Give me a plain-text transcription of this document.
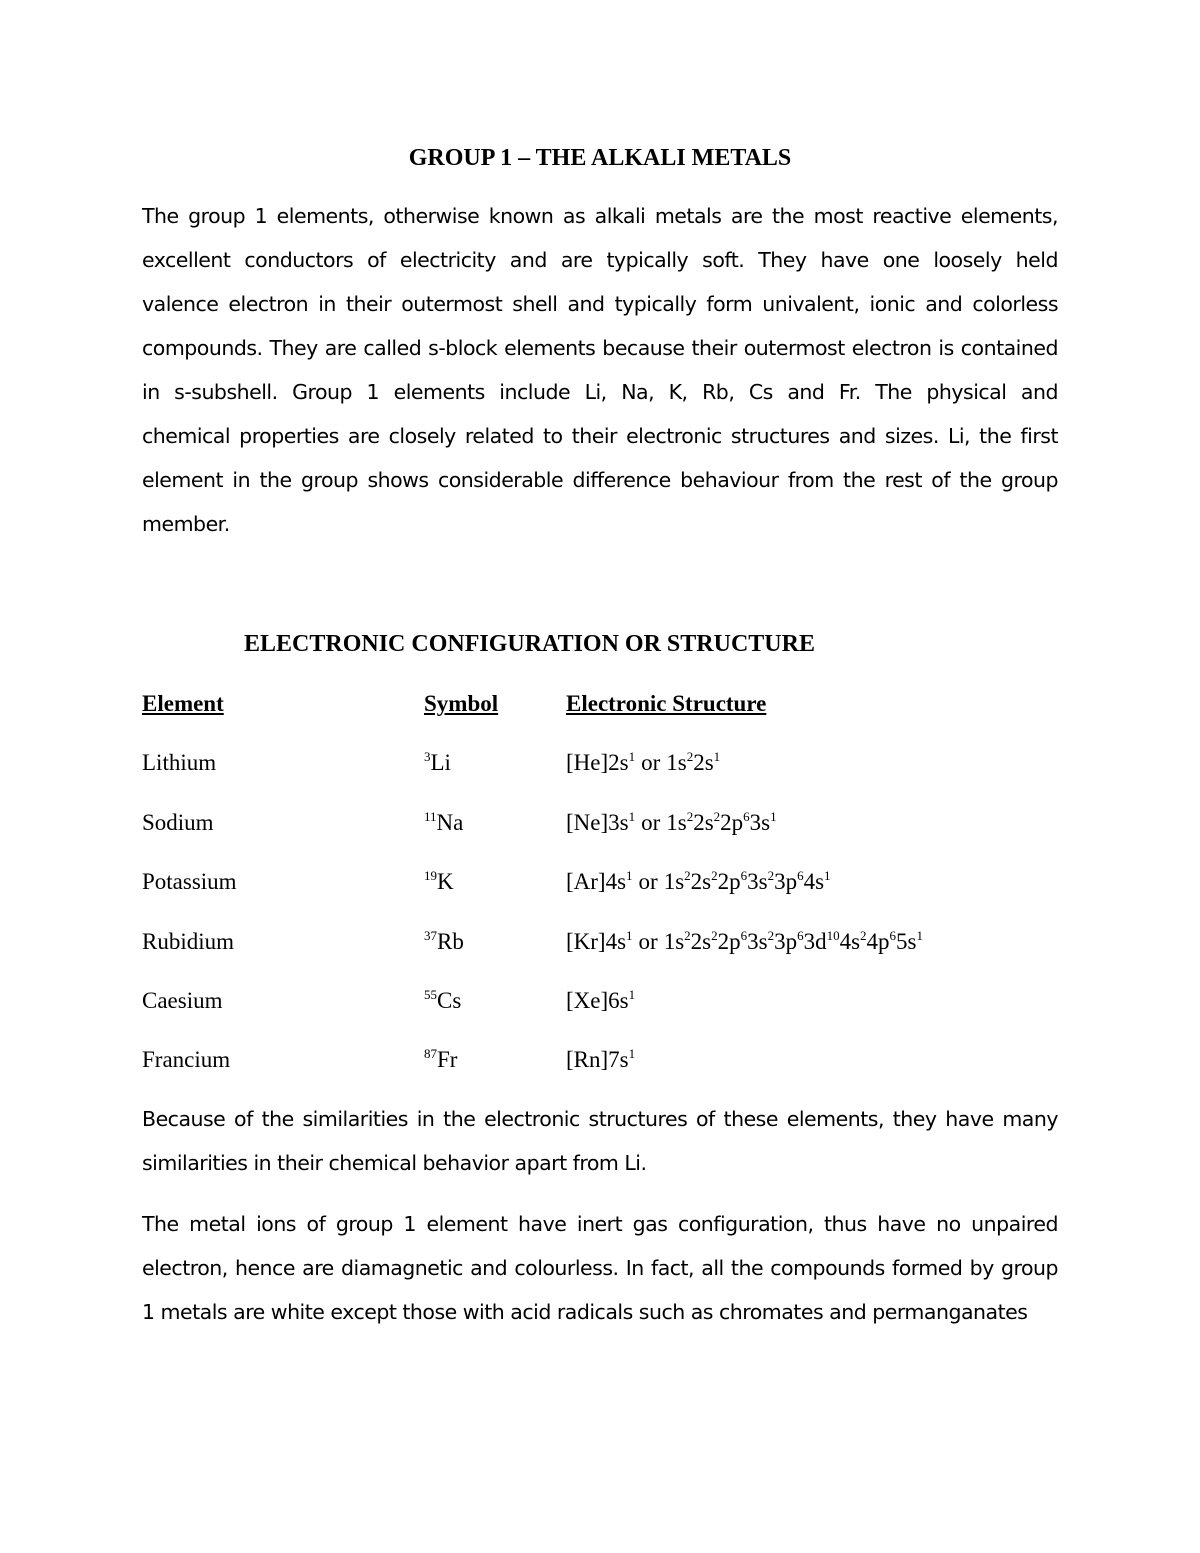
GROUP 1 – THE ALKALI METALS

The group 1 elements, otherwise known as alkali metals are the most reactive elements,
excellent conductors of electricity and are typically soft. They have one loosely held
valence electron in their outermost shell and typically form univalent, ionic and colorless
compounds. They are called s-block elements because their outermost electron is contained
in s-subshell. Group 1 elements include Li, Na, K, Rb, Cs and Fr. The physical and
chemical properties are closely related to their electronic structures and sizes. Li, the first
element in the group shows considerable difference behaviour from the rest of the group
member.

ELECTRONIC CONFIGURATION OR STRUCTURE
Element	Symbol	Electronic Structure
Lithium	$^3$Li	$[He]2s^1$ or $1s^22s^1$
Sodium	$^{11}$Na	$[Ne]3s^1$ or $1s^22s^22p^63s^1$
Potassium	$^{19}$K	$[Ar]4s^1$ or $1s^22s^22p^63s^23p^64s^1$
Rubidium	$^{37}$Rb	$[Kr]4s^1$ or $1s^22s^22p^63s^23p^63d^{10}4s^24p^65s^1$
Caesium	$^{55}$Cs	$[Xe]6s^1$
Francium	$^{87}$Fr	$[Rn]7s^1$

Because of the similarities in the electronic structures of these elements, they have many
similarities in their chemical behavior apart from Li.

The metal ions of group 1 element have inert gas configuration, thus have no unpaired
electron, hence are diamagnetic and colourless. In fact, all the compounds formed by group
1 metals are white except those with acid radicals such as chromates and permanganates
